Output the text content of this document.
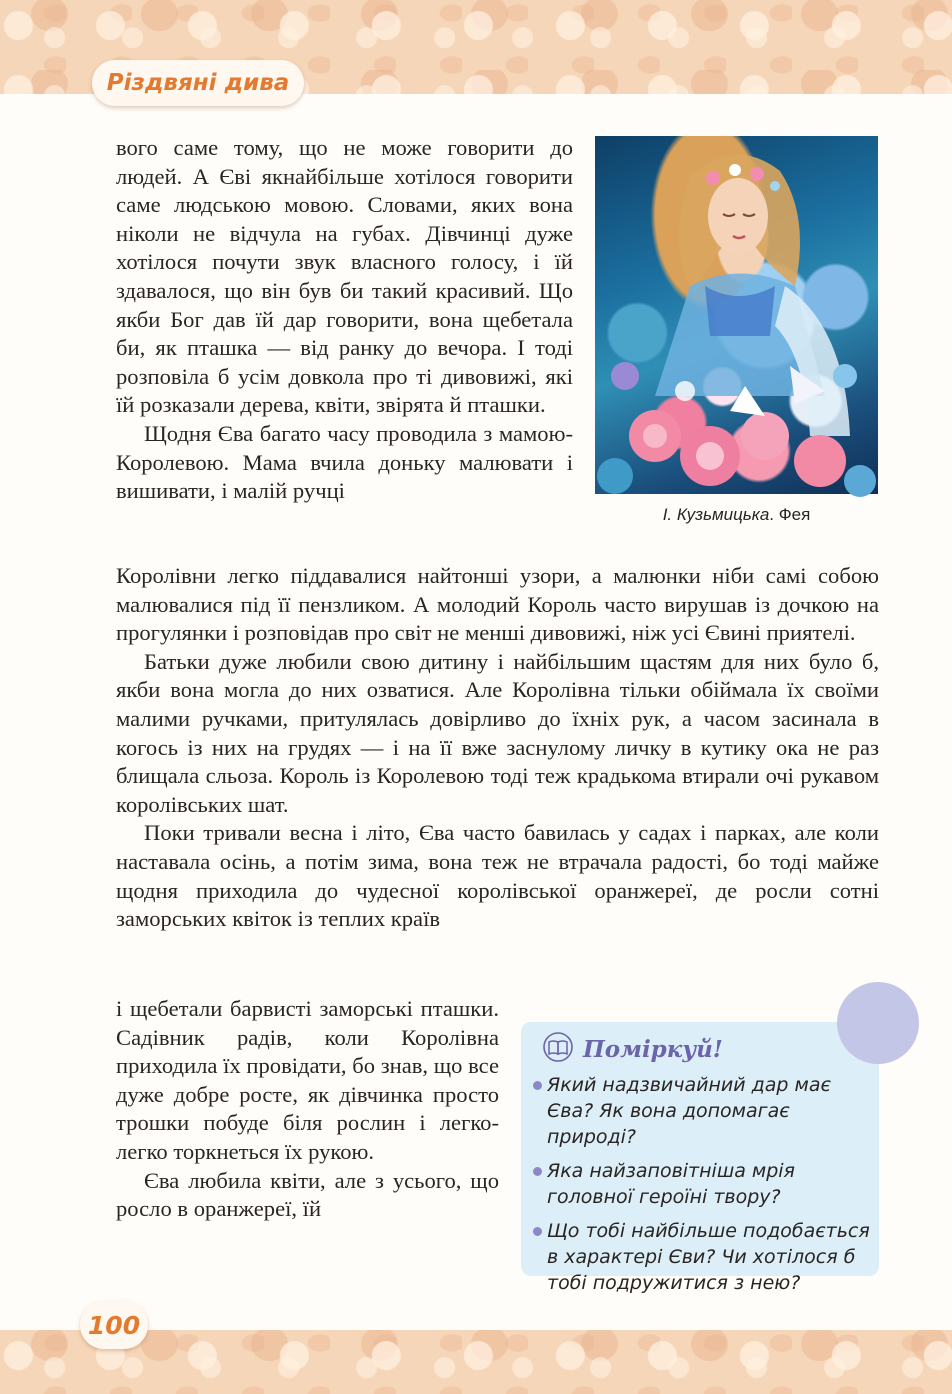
Різдвяні дива

вого саме тому, що не може говорити до людей. А Єві якнайбільше хотілося говорити саме людською мовою. Словами, яких вона ніколи не відчула на губах. Дівчинці дуже хотілося почути звук власного голосу, і їй здавалося, що він був би такий красивий. Що якби Бог дав їй дар говорити, вона щебетала би, як пташка — від ранку до вечора. І тоді розповіла б усім довкола про ті дивовижі, які їй розказали дерева, квіти, звірята й пташки.

Щодня Єва багато часу проводила з мамою-Королевою. Мама вчила доньку малювати і вишивати, і малій ручці

Королівни легко піддавалися найтонші узори, а малюнки ніби самі собою малювалися під її пензликом. А молодий Король часто вирушав із дочкою на прогулянки і розповідав про світ не менші дивовижі, ніж усі Євині приятелі.

Батьки дуже любили свою дитину і найбільшим щастям для них було б, якби вона могла до них озватися. Але Королівна тільки обіймала їх своїми малими ручками, притулялась довірливо до їхніх рук, а часом засинала в когось із них на грудях — і на її вже заснулому личку в кутику ока не раз блищала сльоза. Король із Королевою тоді теж крадькома втирали очі рукавом королівських шат.

Поки тривали весна і літо, Єва часто бавилась у садах і парках, але коли наставала осінь, а потім зима, вона теж не втрачала радості, бо тоді майже щодня приходила до чудесної королівської оранжереї, де росли сотні заморських квіток із теплих країв

і щебетали барвисті заморські пташки. Садівник радів, коли Королівна приходила їх провідати, бо знав, що все дуже добре росте, як дівчинка просто трошки побуде біля рослин і легко-легко торкнеться їх рукою.

Єва любила квіти, але з усього, що росло в оранжереї, їй

І. Кузьмицька. Фея
Поміркуй!
Який надзвичайний дар має Єва? Як вона допомагає природі?
Яка найзаповітніша мрія головної героїні твору?
Що тобі найбільше подобається в характері Єви? Чи хотілося б тобі подружитися з нею?
100
